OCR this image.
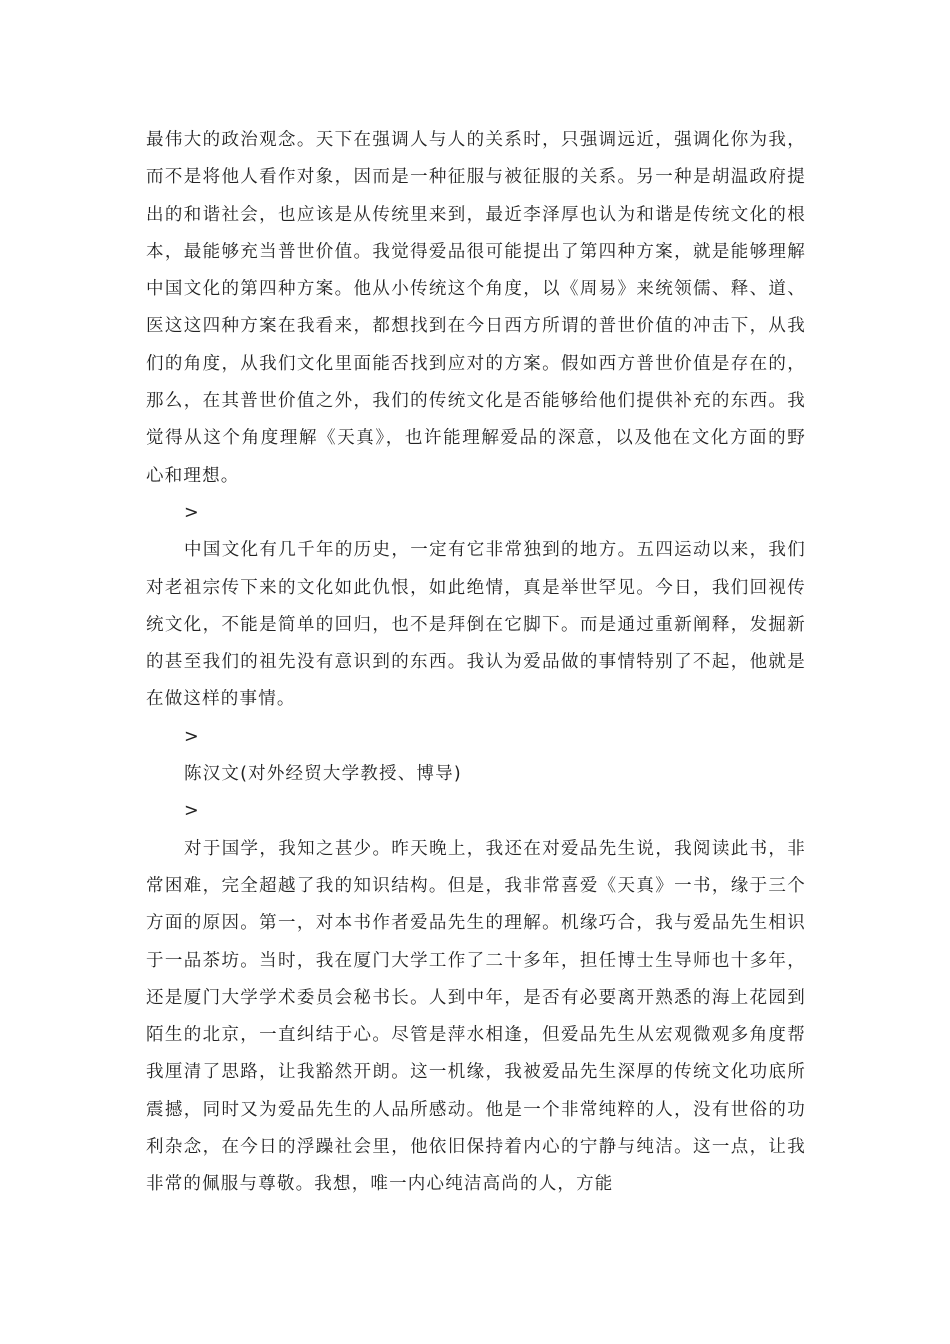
最伟大的政治观念。天下在强调人与人的关系时，只强调远近，强调化你为我，而不是将他人看作对象，因而是一种征服与被征服的关系。另一种是胡温政府提出的和谐社会，也应该是从传统里来到，最近李泽厚也认为和谐是传统文化的根本，最能够充当普世价值。我觉得爱品很可能提出了第四种方案，就是能够理解中国文化的第四种方案。他从小传统这个角度，以《周易》来统领儒、释、道、医这这四种方案在我看来，都想找到在今日西方所谓的普世价值的冲击下，从我们的角度，从我们文化里面能否找到应对的方案。假如西方普世价值是存在的，那么，在其普世价值之外，我们的传统文化是否能够给他们提供补充的东西。我觉得从这个角度理解《天真》，也许能理解爱品的深意，以及他在文化方面的野心和理想。

>

中国文化有几千年的历史，一定有它非常独到的地方。五四运动以来，我们对老祖宗传下来的文化如此仇恨，如此绝情，真是举世罕见。今日，我们回视传统文化，不能是简单的回归，也不是拜倒在它脚下。而是通过重新阐释，发掘新的甚至我们的祖先没有意识到的东西。我认为爱品做的事情特别了不起，他就是在做这样的事情。

>

陈汉文(对外经贸大学教授、博导)

>

对于国学，我知之甚少。昨天晚上，我还在对爱品先生说，我阅读此书，非常困难，完全超越了我的知识结构。但是，我非常喜爱《天真》一书，缘于三个方面的原因。第一，对本书作者爱品先生的理解。机缘巧合，我与爱品先生相识于一品茶坊。当时，我在厦门大学工作了二十多年，担任博士生导师也十多年，还是厦门大学学术委员会秘书长。人到中年，是否有必要离开熟悉的海上花园到陌生的北京，一直纠结于心。尽管是萍水相逢，但爱品先生从宏观微观多角度帮我厘清了思路，让我豁然开朗。这一机缘，我被爱品先生深厚的传统文化功底所震撼，同时又为爱品先生的人品所感动。他是一个非常纯粹的人，没有世俗的功利杂念，在今日的浮躁社会里，他依旧保持着内心的宁静与纯洁。这一点，让我非常的佩服与尊敬。我想，唯一内心纯洁高尚的人，方能
